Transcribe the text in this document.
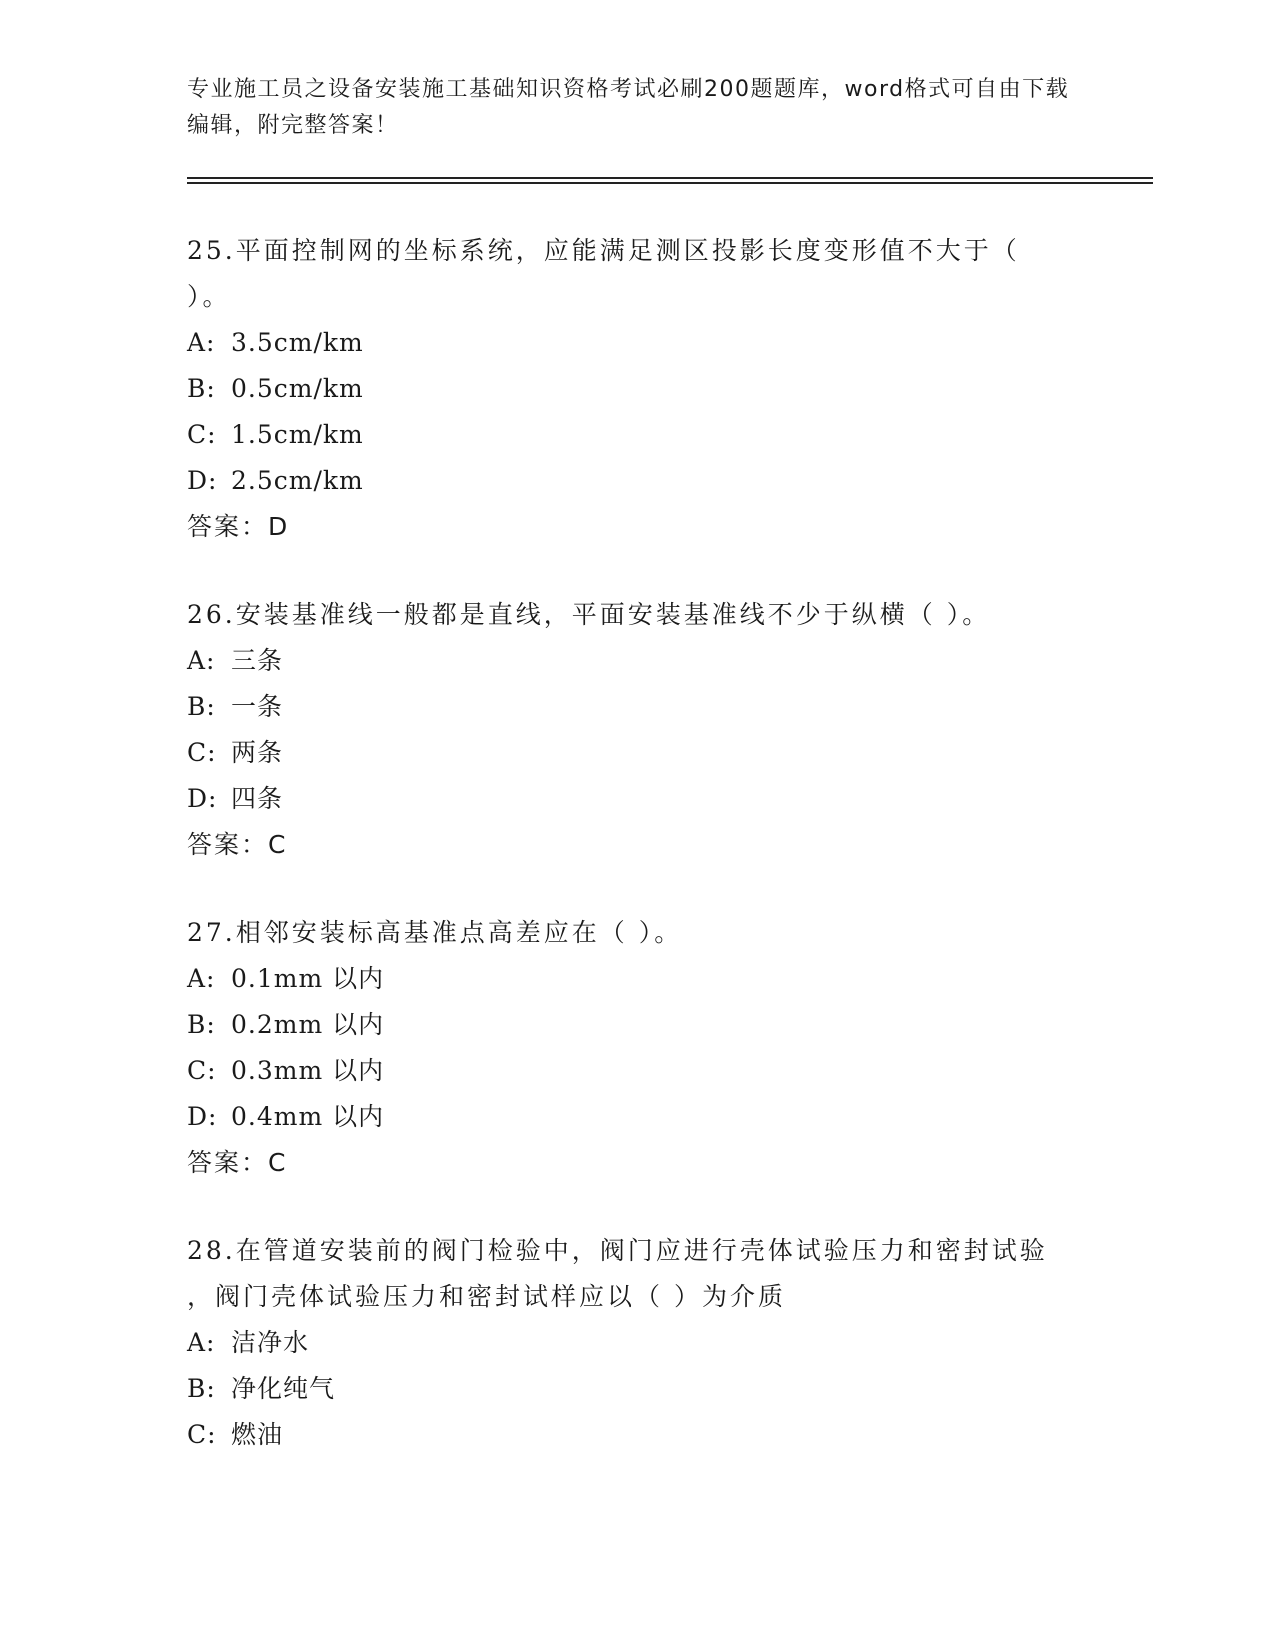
专业施工员之设备安装施工基础知识资格考试必刷200题题库，word格式可自由下载编辑，附完整答案！
25.平面控制网的坐标系统，应能满足测区投影长度变形值不大于（
）。
A: 3.5cm/km
B: 0.5cm/km
C: 1.5cm/km
D: 2.5cm/km
答案：D
26.安装基准线一般都是直线，平面安装基准线不少于纵横（ ）。
A: 三条
B: 一条
C: 两条
D: 四条
答案：C
27.相邻安装标高基准点高差应在（ ）。
A: 0.1mm 以内
B: 0.2mm 以内
C: 0.3mm 以内
D: 0.4mm 以内
答案：C
28.在管道安装前的阀门检验中，阀门应进行壳体试验压力和密封试验
，阀门壳体试验压力和密封试样应以（ ）为介质
A: 洁净水
B: 净化纯气
C: 燃油
